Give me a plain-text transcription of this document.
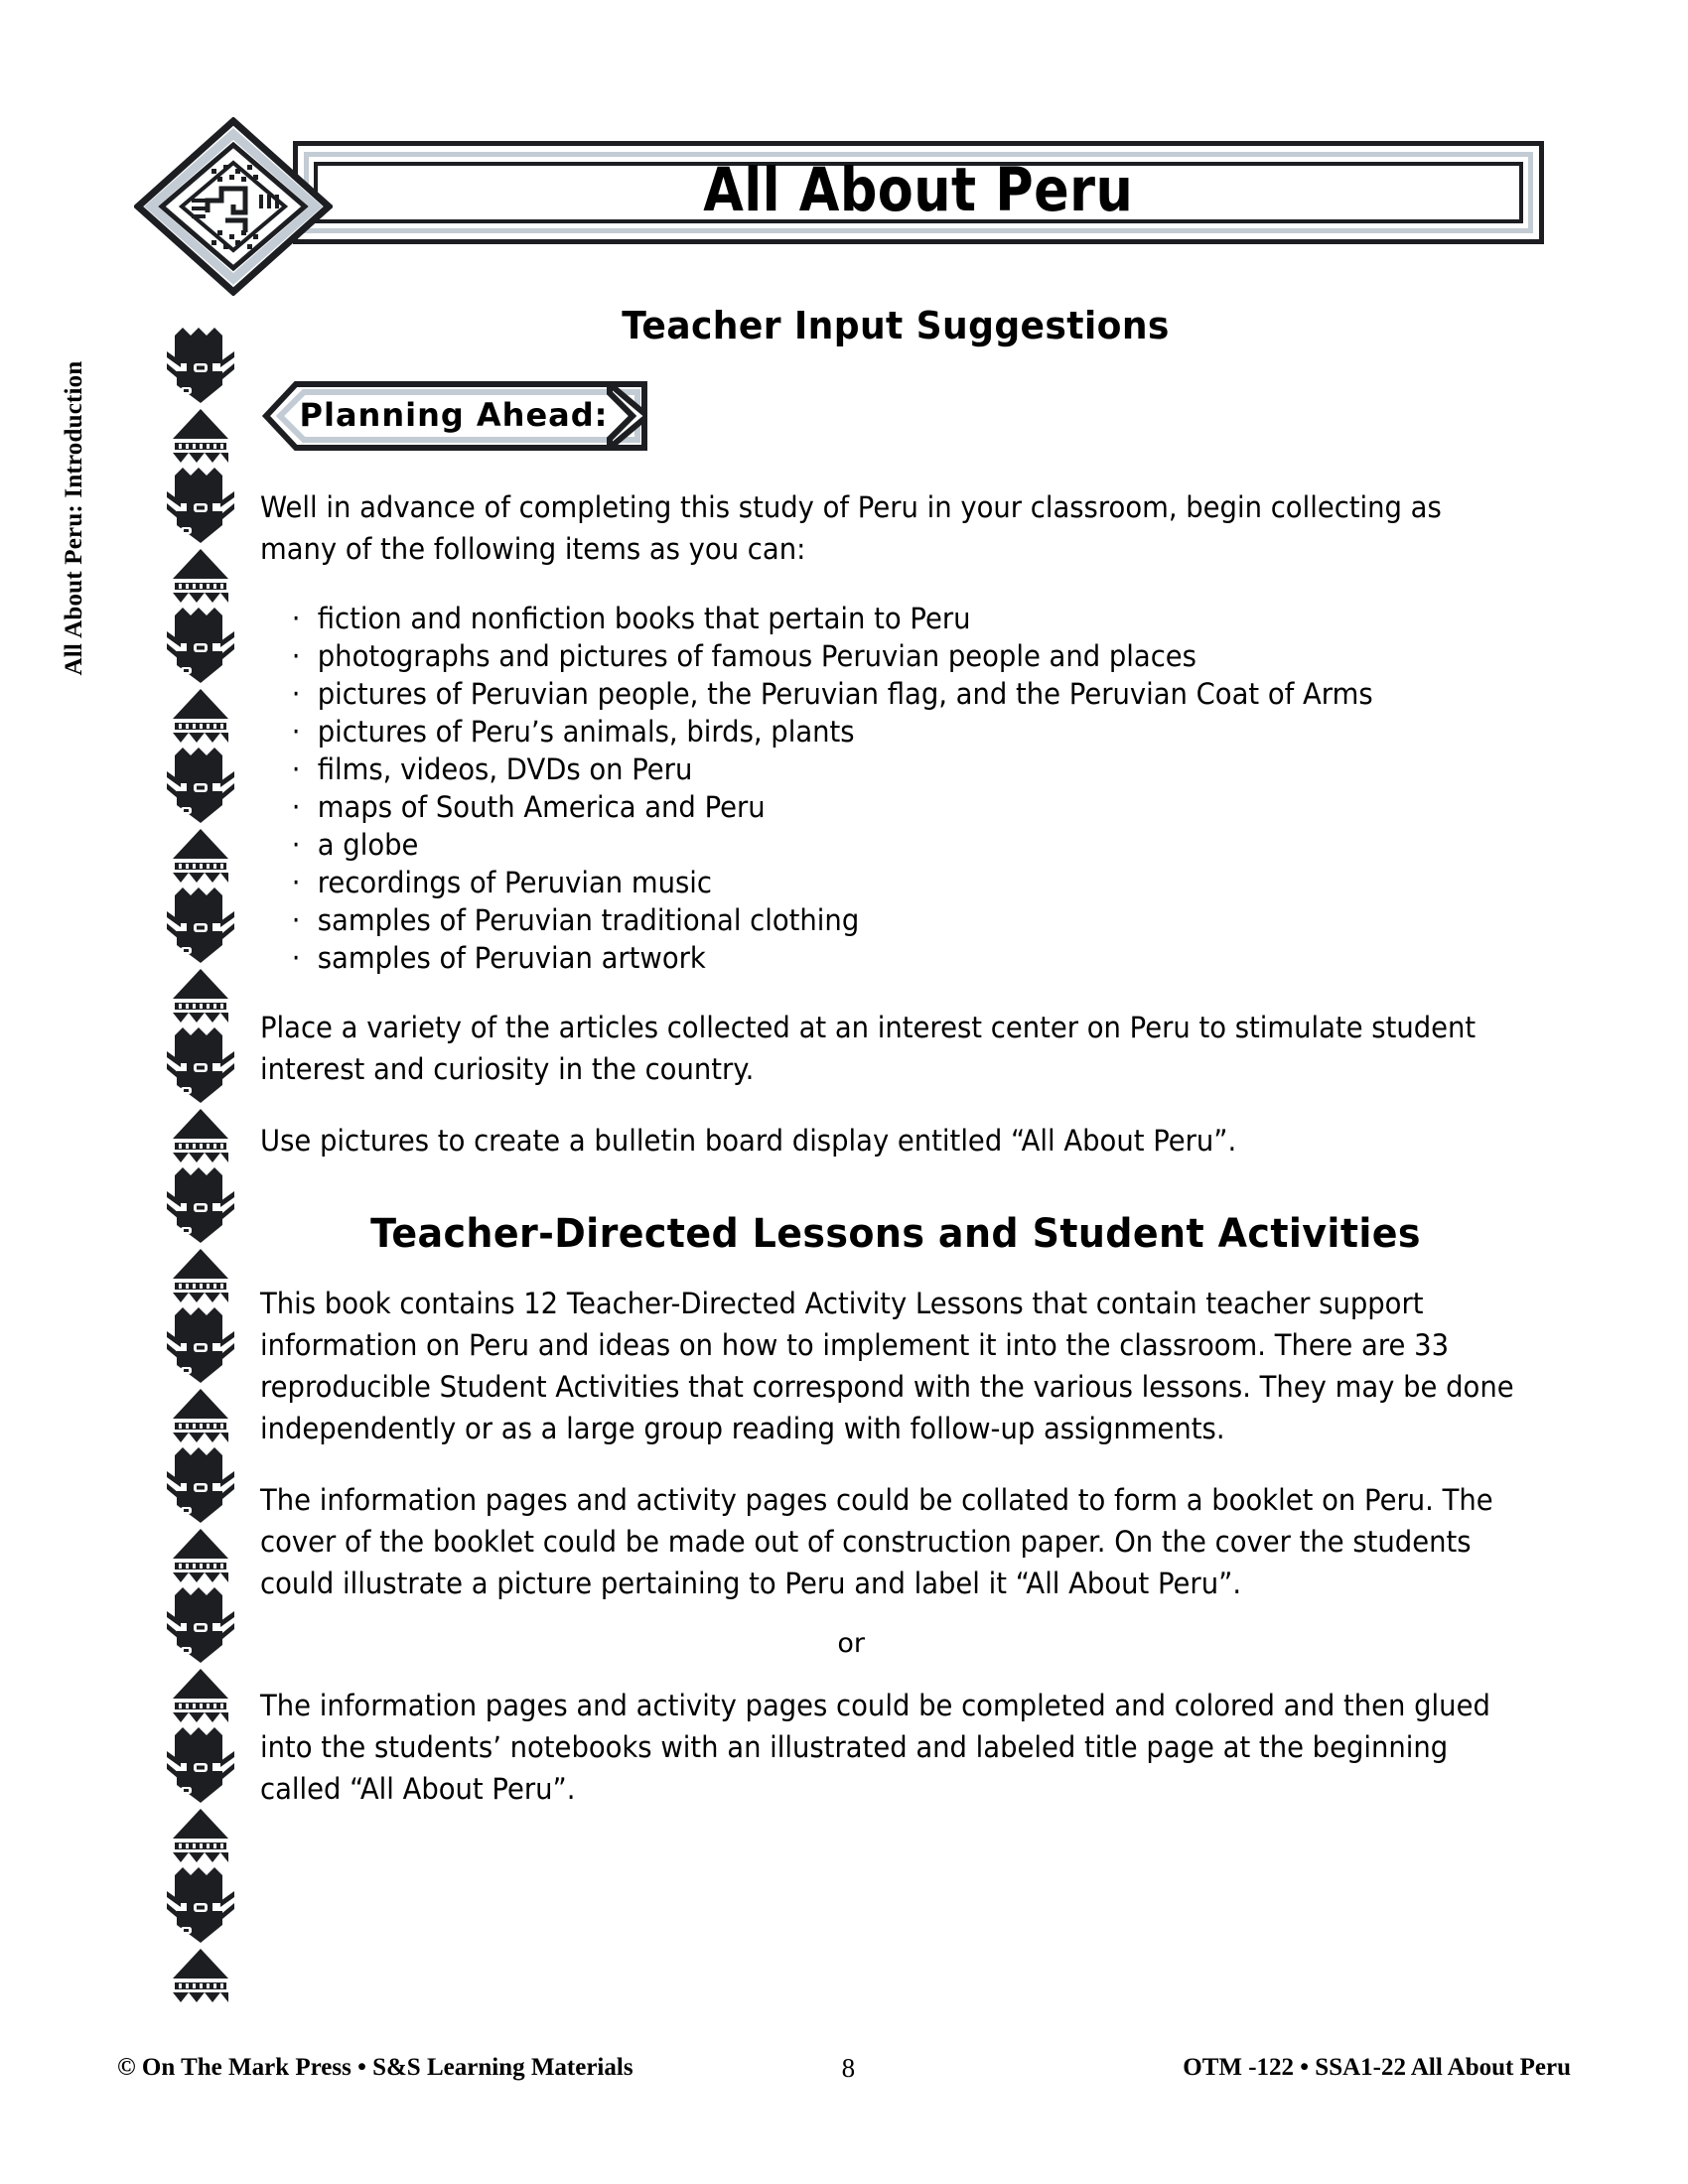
All About Peru
All About Peru: Introduction
Teacher Input Suggestions
Planning Ahead:

Well in advance of completing this study of Peru in your classroom, begin collecting as many of the following items as you can:

· fiction and nonfiction books that pertain to Peru
· photographs and pictures of famous Peruvian people and places
· pictures of Peruvian people, the Peruvian flag, and the Peruvian Coat of Arms
· pictures of Peru’s animals, birds, plants
· films, videos, DVDs on Peru
· maps of South America and Peru
· a globe
· recordings of Peruvian music
· samples of Peruvian traditional clothing
· samples of Peruvian artwork

Place a variety of the articles collected at an interest center on Peru to stimulate student interest and curiosity in the country.

Use pictures to create a bulletin board display entitled “All About Peru”.

Teacher-Directed Lessons and Student Activities

This book contains 12 Teacher-Directed Activity Lessons that contain teacher support information on Peru and ideas on how to implement it into the classroom. There are 33 reproducible Student Activities that correspond with the various lessons. They may be done independently or as a large group reading with follow-up assignments.

The information pages and activity pages could be collated to form a booklet on Peru. The cover of the booklet could be made out of construction paper. On the cover the students could illustrate a picture pertaining to Peru and label it “All About Peru”.

or

The information pages and activity pages could be completed and colored and then glued into the students’ notebooks with an illustrated and labeled title page at the beginning called “All About Peru”.

© On The Mark Press • S&S Learning Materials	8	OTM -122 • SSA1-22 All About Peru
